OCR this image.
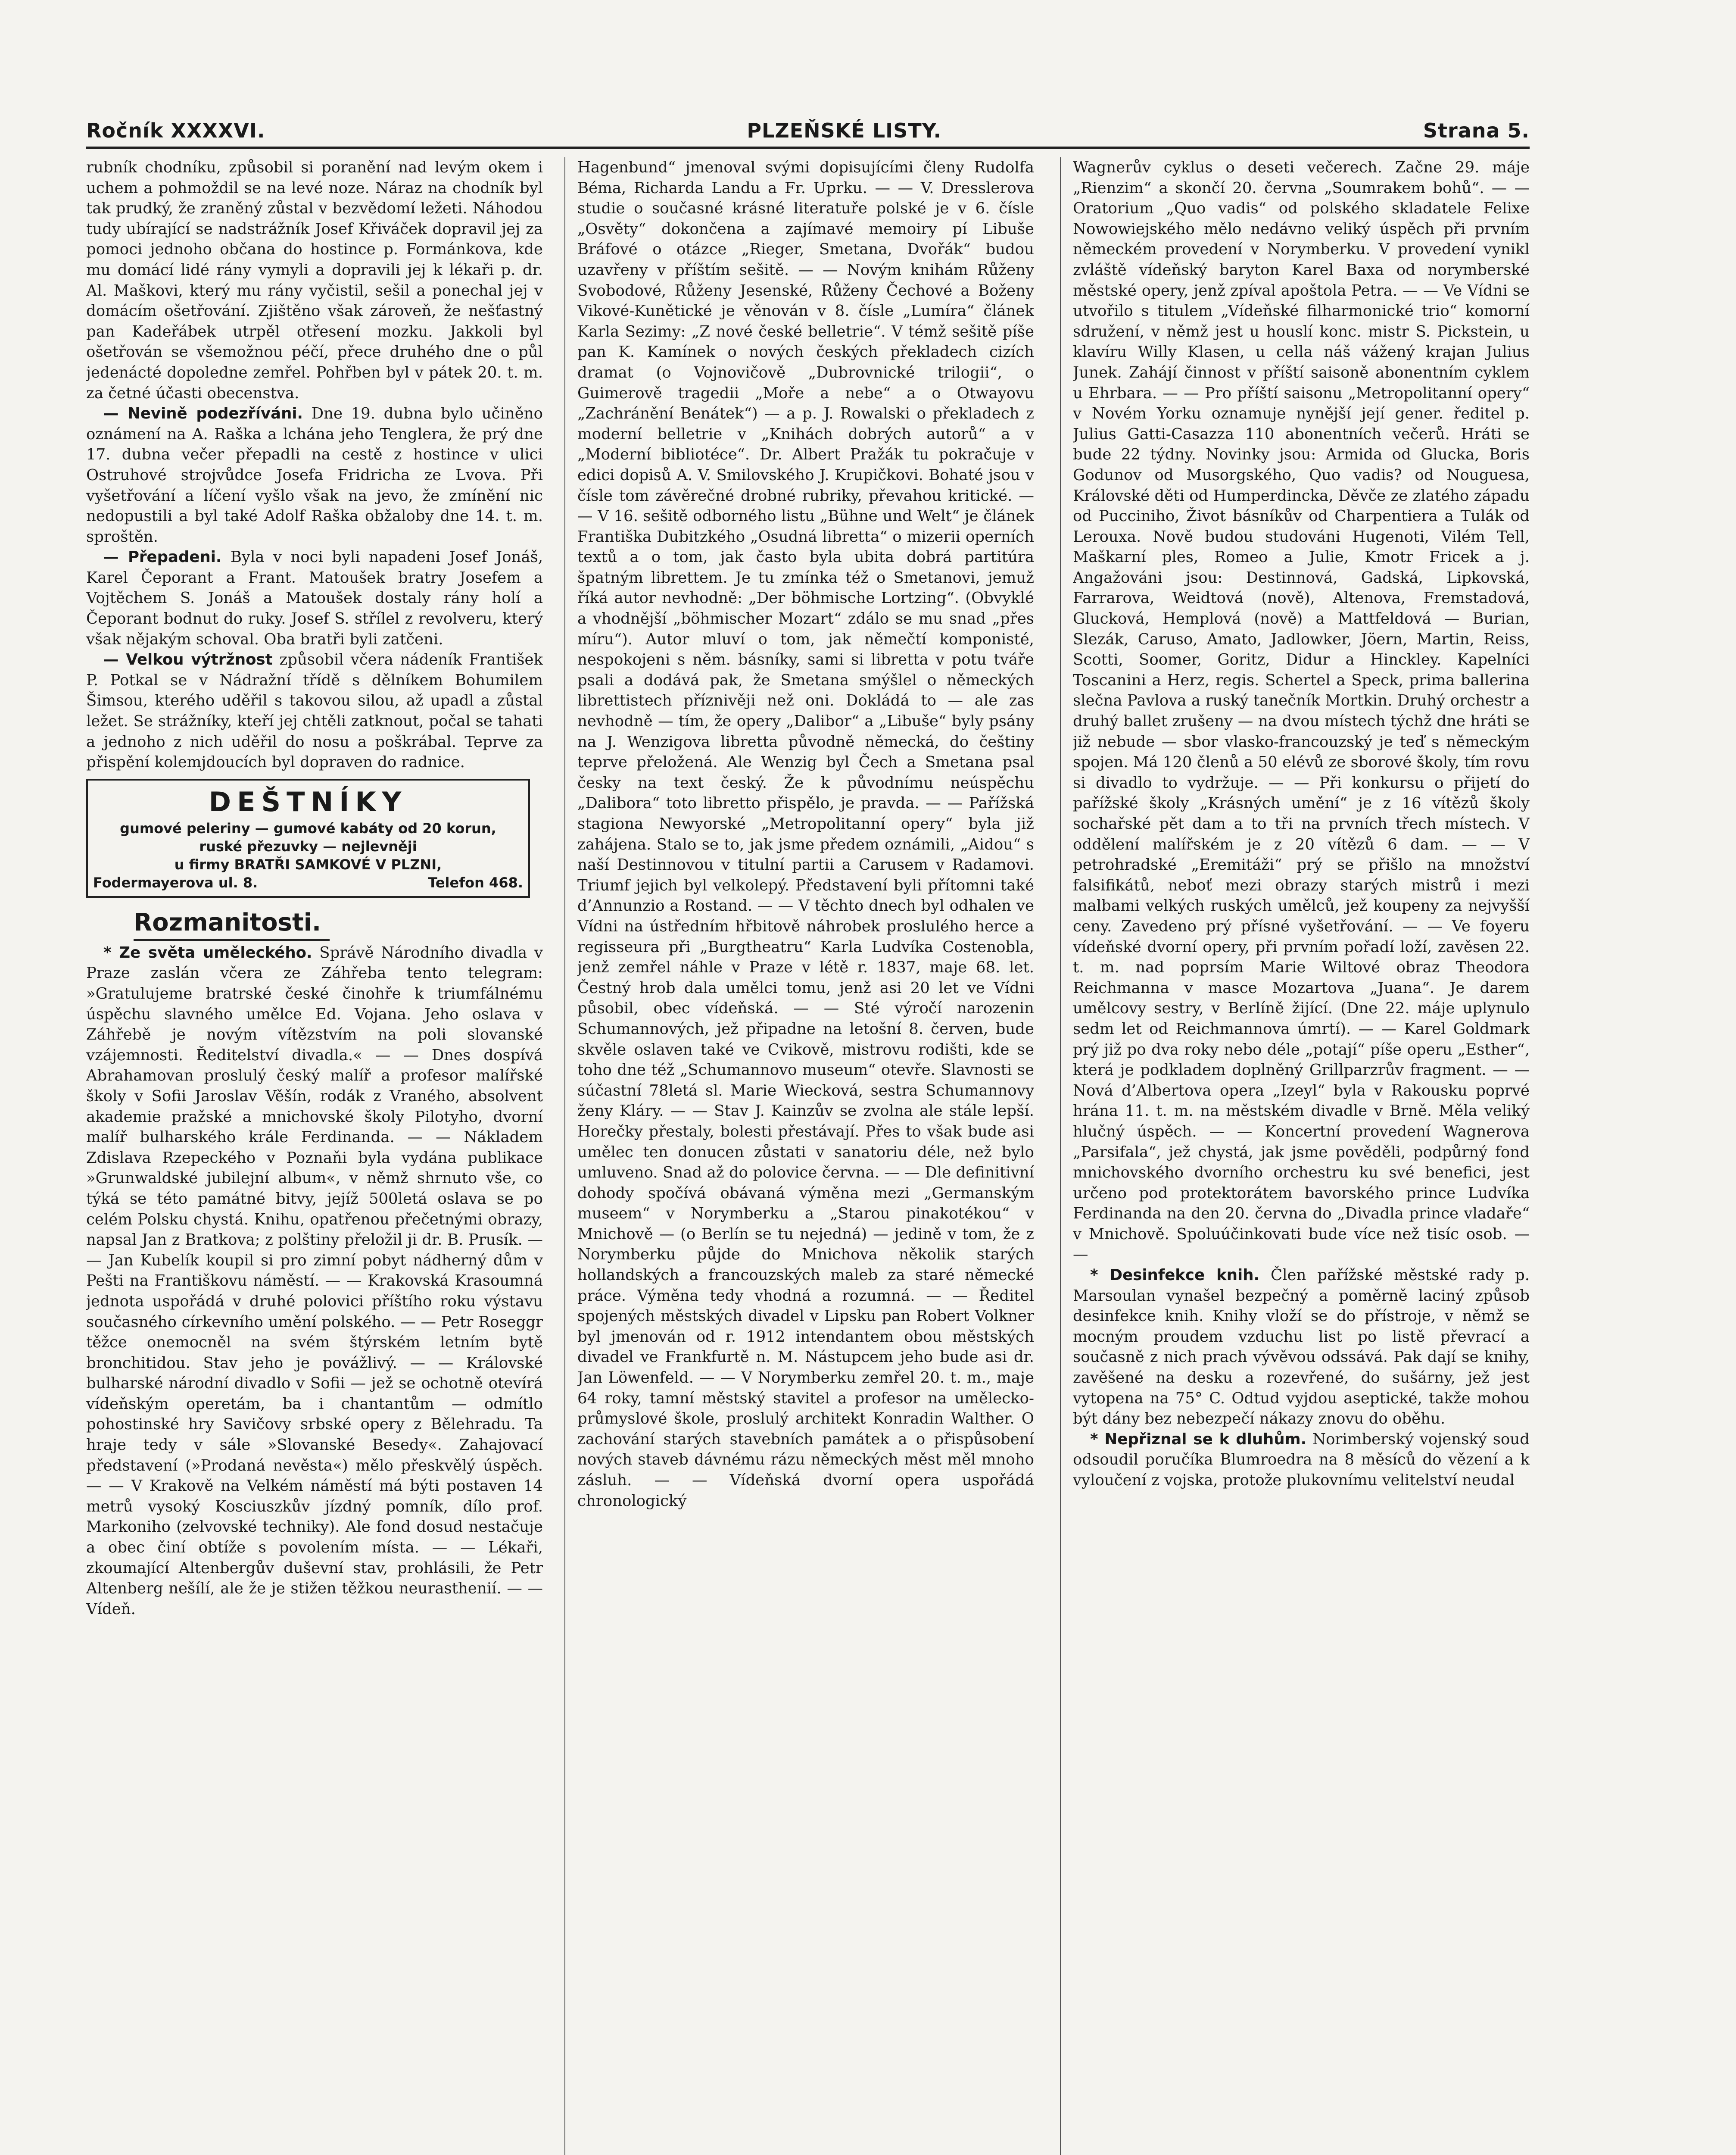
Ročník XXXXVI.	PLZEŇSKÉ LISTY.	Strana 5.

rubník chodníku, způsobil si poranění nad levým okem i uchem a pohmoždil se na levé noze. Náraz na chodník byl tak prudký, že zraněný zůstal v bezvědomí ležeti. Náhodou tudy ubírající se nadstrážník Josef Křiváček dopravil jej za pomoci jednoho občana do hostince p. Formánkova, kde mu domácí lidé rány vymyli a dopravili jej k lékaři p. dr. Al. Maškovi, který mu rány vyčistil, sešil a ponechal jej v domácím ošetřování. Zjištěno však zároveň, že nešťastný pan Kadeřábek utrpěl otřesení mozku. Jakkoli byl ošetřován se všemožnou péčí, přece druhého dne o půl jedenácté dopoledne zemřel. Pohřben byl v pátek 20. t. m. za četné účasti obecenstva.

— Nevině podezříváni. Dne 19. dubna bylo učiněno oznámení na A. Raška a lchána jeho Tenglera, že prý dne 17. dubna večer přepadli na cestě z hostince v ulici Ostruhové strojvůdce Josefa Fridricha ze Lvova. Při vyšetřování a líčení vyšlo však na jevo, že zmínění nic nedopustili a byl také Adolf Raška obžaloby dne 14. t. m. sproštěn.

— Přepadeni. Byla v noci byli napadeni Josef Jonáš, Karel Čeporant a Frant. Matoušek bratry Josefem a Vojtěchem S. Jonáš a Matoušek dostaly rány holí a Čeporant bodnut do ruky. Josef S. střílel z revolveru, který však nějakým schoval. Oba bratři byli zatčeni.

— Velkou výtržnost způsobil včera nádeník František P. Potkal se v Nádražní třídě s dělníkem Bohumilem Šimsou, kterého uděřil s takovou silou, až upadl a zůstal ležet. Se strážníky, kteří jej chtěli zatknout, počal se tahati a jednoho z nich uděřil do nosu a poškrábal. Teprve za přispění kolemjdoucích byl dopraven do radnice.

DEŠTNÍKY
gumové peleriny — gumové kabáty od 20 korun,
ruské přezuvky — nejlevněji
u firmy BRATŘI SAMKOVÉ V PLZNI,
Fodermayerova ul. 8.	Telefon 468.
Rozmanitosti.

* Ze světa uměleckého. Správě Národního divadla v Praze zaslán včera ze Záhřeba tento telegram: »Gratulujeme bratrské české činohře k triumfálnému úspěchu slavného umělce Ed. Vojana. Jeho oslava v Záhřebě je novým vítězstvím na poli slovanské vzájemnosti. Ředitelství divadla.« — — Dnes dospívá Abrahamovan proslulý český malíř a profesor malířské školy v Sofii Jaroslav Věšín, rodák z Vraného, absolvent akademie pražské a mnichovské školy Pilotyho, dvorní malíř bulharského krále Ferdinanda. — — Nákladem Zdislava Rzepeckého v Poznaňi byla vydána publikace »Grunwaldské jubilejní album«, v němž shrnuto vše, co týká se této památné bitvy, jejíž 500letá oslava se po celém Polsku chystá. Knihu, opatřenou přečetnými obrazy, napsal Jan z Bratkova; z polštiny přeložil ji dr. B. Prusík. — — Jan Kubelík koupil si pro zimní pobyt nádherný dům v Pešti na Františkovu náměstí. — — Krakovská Krasoumná jednota uspořádá v druhé polovici příštího roku výstavu současného církevního umění polského. — — Petr Roseggr těžce onemocněl na svém štýrském letním bytě bronchitidou. Stav jeho je povážlivý. — — Královské bulharské národní divadlo v Sofii — jež se ochotně otevírá vídeňským operetám, ba i chantantům — odmítlo pohostinské hry Savičovy srbské opery z Bělehradu. Ta hraje tedy v sále »Slovanské Besedy«. Zahajovací představení (»Prodaná nevěsta«) mělo přeskvělý úspěch. — — V Krakově na Velkém náměstí má býti postaven 14 metrů vysoký Kosciuszkův jízdný pomník, dílo prof. Markoniho (zelvovské techniky). Ale fond dosud nestačuje a obec činí obtíže s povolením místa. — — Lékaři, zkoumající Altenbergův duševní stav, prohlásili, že Petr Altenberg nešílí, ale že je stižen těžkou neurasthenií. — — Vídeň.

Hagenbund“ jmenoval svými dopisujícími členy Rudolfa Béma, Richarda Landu a Fr. Uprku. — — V. Dresslerova studie o současné krásné literatuře polské je v 6. čísle „Osvěty“ dokončena a zajímavé memoiry pí Libuše Bráfové o otázce „Rieger, Smetana, Dvořák“ budou uzavřeny v příštím sešitě. — — Novým knihám Růženy Svobodové, Růženy Jesenské, Růženy Čechové a Boženy Vikové-Kunětické je věnován v 8. čísle „Lumíra“ článek Karla Sezimy: „Z nové české belletrie“. V témž sešitě píše pan K. Kamínek o nových českých překladech cizích dramat (o Vojnovičově „Dubrovnické trilogii“, o Guimerově tragedii „Moře a nebe“ a o Otwayovu „Zachránění Benátek“) — a p. J. Rowalski o překladech z moderní belletrie v „Knihách dobrých autorů“ a v „Moderní bibliotéce“. Dr. Albert Pražák tu pokračuje v edici dopisů A. V. Smilovského J. Krupičkovi. Bohaté jsou v čísle tom závěrečné drobné rubriky, převahou kritické. — — V 16. sešitě odborného listu „Bühne und Welt“ je článek Františka Dubitzkého „Osudná libretta“ o mizerii operních textů a o tom, jak často byla ubita dobrá partitúra špatným librettem. Je tu zmínka též o Smetanovi, jemuž říká autor nevhodně: „Der böhmische Lortzing“. (Obvyklé a vhodnější „böhmischer Mozart“ zdálo se mu snad „přes míru“). Autor mluví o tom, jak němečtí komponisté, nespokojeni s něm. básníky, sami si libretta v potu tváře psali a dodává pak, že Smetana smýšlel o německých librettistech příznivěji než oni. Dokládá to — ale zas nevhodně — tím, že opery „Dalibor“ a „Libuše“ byly psány na J. Wenzigova libretta původně německá, do češtiny teprve přeložená. Ale Wenzig byl Čech a Smetana psal česky na text český. Že k původnímu neúspěchu „Dalibora“ toto libretto přispělo, je pravda. — — Pařížská stagiona Newyorské „Metropolitanní opery“ byla již zahájena. Stalo se to, jak jsme předem oznámili, „Aidou“ s naší Destinnovou v titulní partii a Carusem v Radamovi. Triumf jejich byl velkolepý. Představení byli přítomni také d’Annunzio a Rostand. — — V těchto dnech byl odhalen ve Vídni na ústředním hřbitově náhrobek proslulého herce a regisseura při „Burgtheatru“ Karla Ludvíka Costenobla, jenž zemřel náhle v Praze v létě r. 1837, maje 68. let. Čestný hrob dala umělci tomu, jenž asi 20 let ve Vídni působil, obec vídeňská. — — Sté výročí narozenin Schumannových, jež připadne na letošní 8. červen, bude skvěle oslaven také ve Cvikově, mistrovu rodišti, kde se toho dne též „Schumannovo museum“ otevře. Slavnosti se súčastní 78letá sl. Marie Wiecková, sestra Schumannovy ženy Kláry. — — Stav J. Kainzův se zvolna ale stále lepší. Horečky přestaly, bolesti přestávají. Přes to však bude asi umělec ten donucen zůstati v sanatoriu déle, než bylo umluveno. Snad až do polovice června. — — Dle definitivní dohody spočívá obávaná výměna mezi „Germanským museem“ v Norymberku a „Starou pinakotékou“ v Mnichově — (o Berlín se tu nejedná) — jedině v tom, že z Norymberku půjde do Mnichova několik starých hollandských a francouzských maleb za staré německé práce. Výměna tedy vhodná a rozumná. — — Ředitel spojených městských divadel v Lipsku pan Robert Volkner byl jmenován od r. 1912 intendantem obou městských divadel ve Frankfurtě n. M. Nástupcem jeho bude asi dr. Jan Löwenfeld. — — V Norymberku zemřel 20. t. m., maje 64 roky, tamní městský stavitel a profesor na umělecko-průmyslové škole, proslulý architekt Konradin Walther. O zachování starých stavebních památek a o přispůsobení nových staveb dávnému rázu německých měst měl mnoho zásluh. — — Vídeňská dvorní opera uspořádá chronologický

Wagnerův cyklus o deseti večerech. Začne 29. máje „Rienzim“ a skončí 20. června „Soumrakem bohů“. — — Oratorium „Quo vadis“ od polského skladatele Felixe Nowowiejského mělo nedávno veliký úspěch při prvním německém provedení v Norymberku. V provedení vynikl zvláště vídeňský baryton Karel Baxa od norymberské městské opery, jenž zpíval apoštola Petra. — — Ve Vídni se utvořilo s titulem „Vídeňské filharmonické trio“ komorní sdružení, v němž jest u houslí konc. mistr S. Pickstein, u klavíru Willy Klasen, u cella náš vážený krajan Julius Junek. Zahájí činnost v příští saisoně abonentním cyklem u Ehrbara. — — Pro příští saisonu „Metropolitanní opery“ v Novém Yorku oznamuje nynější její gener. ředitel p. Julius Gatti-Casazza 110 abonentních večerů. Hráti se bude 22 týdny. Novinky jsou: Armida od Glucka, Boris Godunov od Musorgského, Quo vadis? od Nouguesa, Královské děti od Humperdincka, Děvče ze zlatého západu od Pucciniho, Život básníkův od Charpentiera a Tulák od Lerouxa. Nově budou studováni Hugenoti, Vilém Tell, Maškarní ples, Romeo a Julie, Kmotr Fricek a j. Angažováni jsou: Destinnová, Gadská, Lipkovská, Farrarova, Weidtová (nově), Altenova, Fremstadová, Glucková, Hemplová (nově) a Mattfeldová — Burian, Slezák, Caruso, Amato, Jadlowker, Jöern, Martin, Reiss, Scotti, Soomer, Goritz, Didur a Hinckley. Kapelníci Toscanini a Herz, regis. Schertel a Speck, prima ballerina slečna Pavlova a ruský tanečník Mortkin. Druhý orchestr a druhý ballet zrušeny — na dvou místech týchž dne hráti se již nebude — sbor vlasko-francouzský je teď s německým spojen. Má 120 členů a 50 elévů ze sborové školy, tím rovu si divadlo to vydržuje. — — Při konkursu o přijetí do pařížské školy „Krásných umění“ je z 16 vítězů školy sochařské pět dam a to tři na prvních třech místech. V oddělení malířském je z 20 vítězů 6 dam. — — V petrohradské „Eremitáži“ prý se přišlo na množství falsifikátů, neboť mezi obrazy starých mistrů i mezi malbami velkých ruských umělců, jež koupeny za nejvyšší ceny. Zavedeno prý přísné vyšetřování. — — Ve foyeru vídeňské dvorní opery, při prvním pořadí loží, zavěsen 22. t. m. nad poprsím Marie Wiltové obraz Theodora Reichmanna v masce Mozartova „Juana“. Je darem umělcovy sestry, v Berlíně žijící. (Dne 22. máje uplynulo sedm let od Reichmannova úmrtí). — — Karel Goldmark prý již po dva roky nebo déle „potají“ píše operu „Esther“, která je podkladem doplněný Grillparzrův fragment. — — Nová d’Albertova opera „Izeyl“ byla v Rakousku poprvé hrána 11. t. m. na městském divadle v Brně. Měla veliký hlučný úspěch. — — Koncertní provedení Wagnerova „Parsifala“, jež chystá, jak jsme pověděli, podpůrný fond mnichovského dvorního orchestru ku své benefici, jest určeno pod protektorátem bavorského prince Ludvíka Ferdinanda na den 20. června do „Divadla prince vladaře“ v Mnichově. Spoluúčinkovati bude více než tisíc osob. — —

* Desinfekce knih. Člen pařížské městské rady p. Marsoulan vynašel bezpečný a poměrně laciný způsob desinfekce knih. Knihy vloží se do přístroje, v němž se mocným proudem vzduchu list po listě převrací a současně z nich prach vývěvou odssává. Pak dají se knihy, zavěšené na desku a rozevřené, do sušárny, jež jest vytopena na 75° C. Odtud vyjdou aseptické, takže mohou být dány bez nebezpečí nákazy znovu do oběhu.

* Nepřiznal se k dluhům. Norimberský vojenský soud odsoudil poručíka Blumroedra na 8 měsíců do vězení a k vyloučení z vojska, protože plukovnímu velitelství neudal
